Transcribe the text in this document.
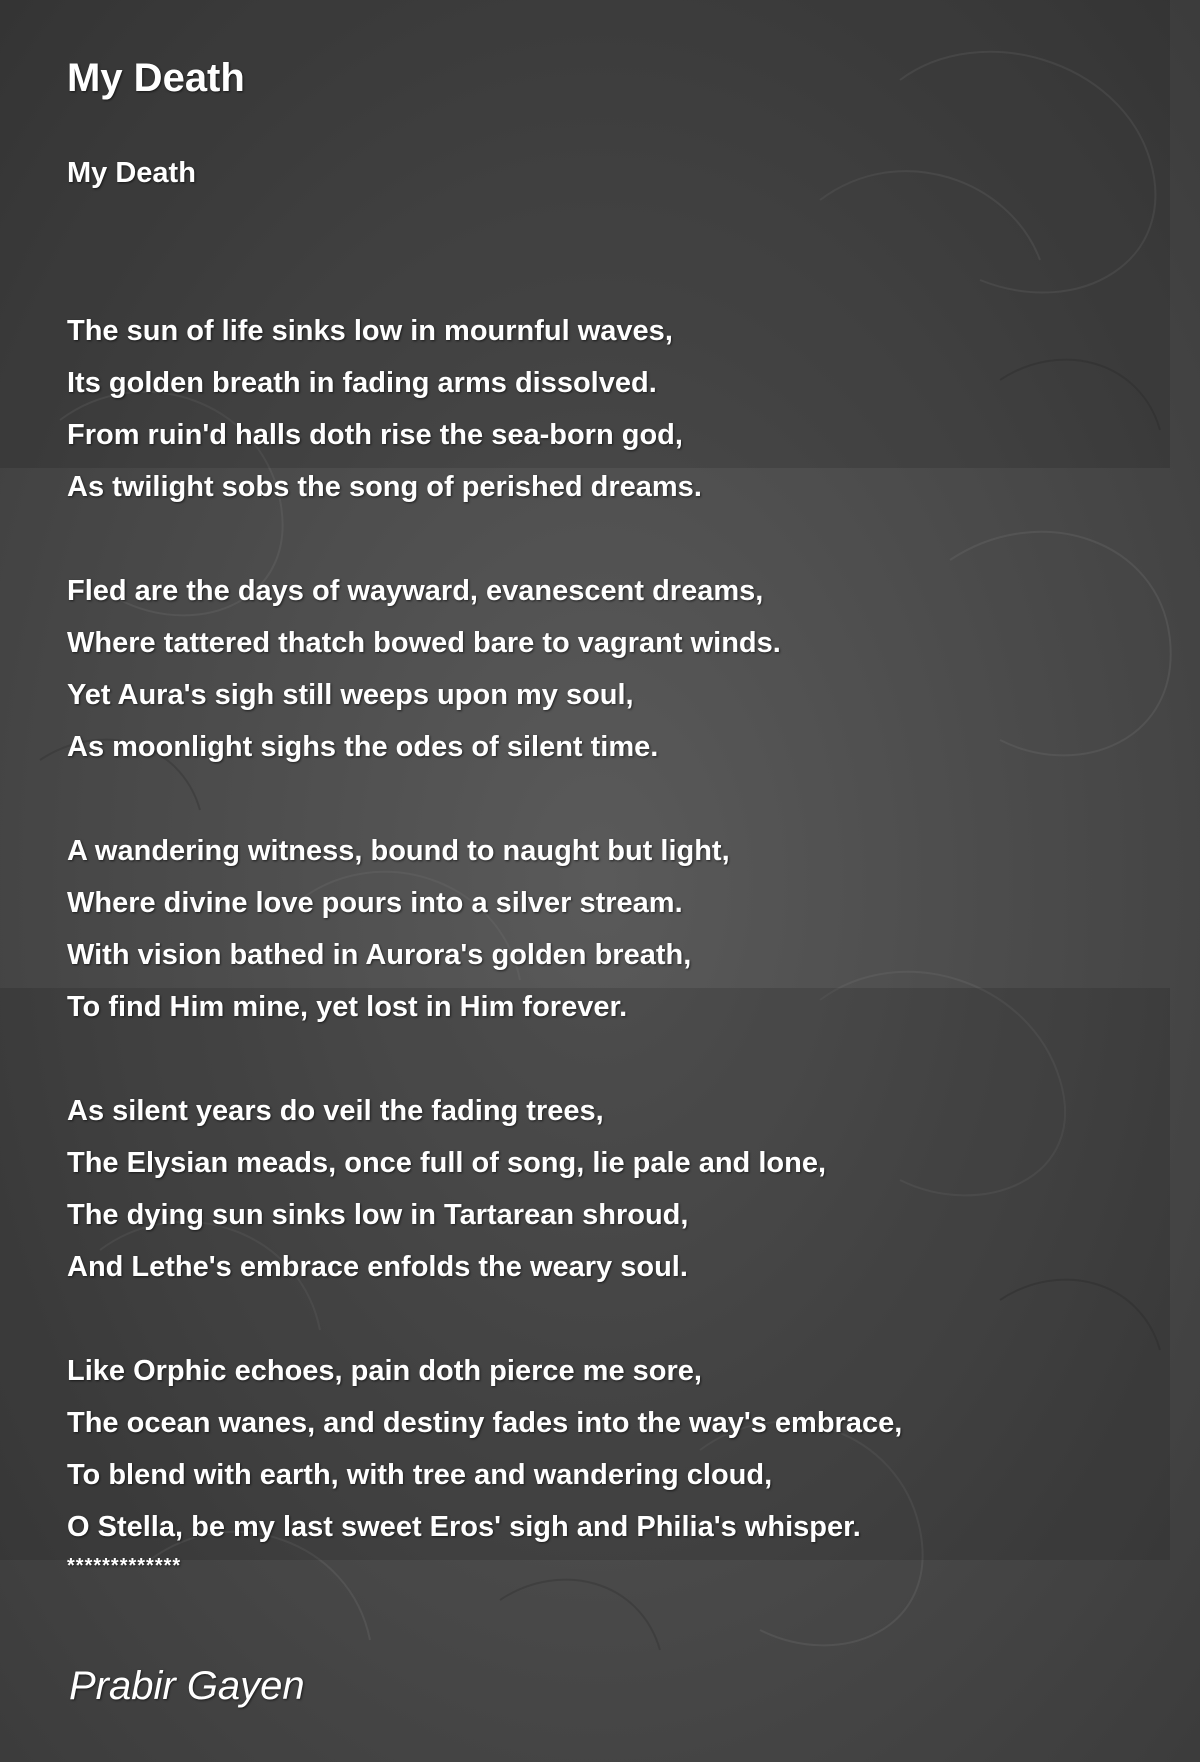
My Death
My Death
The sun of life sinks low in mournful waves,
Its golden breath in fading arms dissolved.
From ruin'd halls doth rise the sea-born god,
As twilight sobs the song of perished dreams.
Fled are the days of wayward, evanescent dreams,
Where tattered thatch bowed bare to vagrant winds.
Yet Aura's sigh still weeps upon my soul,
As moonlight sighs the odes of silent time.
A wandering witness, bound to naught but light,
Where divine love pours into a silver stream.
With vision bathed in Aurora's golden breath,
To find Him mine, yet lost in Him forever.
As silent years do veil the fading trees,
The Elysian meads, once full of song, lie pale and lone,
The dying sun sinks low in Tartarean shroud,
And Lethe's embrace enfolds the weary soul.
Like Orphic echoes, pain doth pierce me sore,
The ocean wanes, and destiny fades into the way's embrace,
To blend with earth, with tree and wandering cloud,
O Stella, be my last sweet Eros' sigh and Philia's whisper.
*************
Prabir Gayen
